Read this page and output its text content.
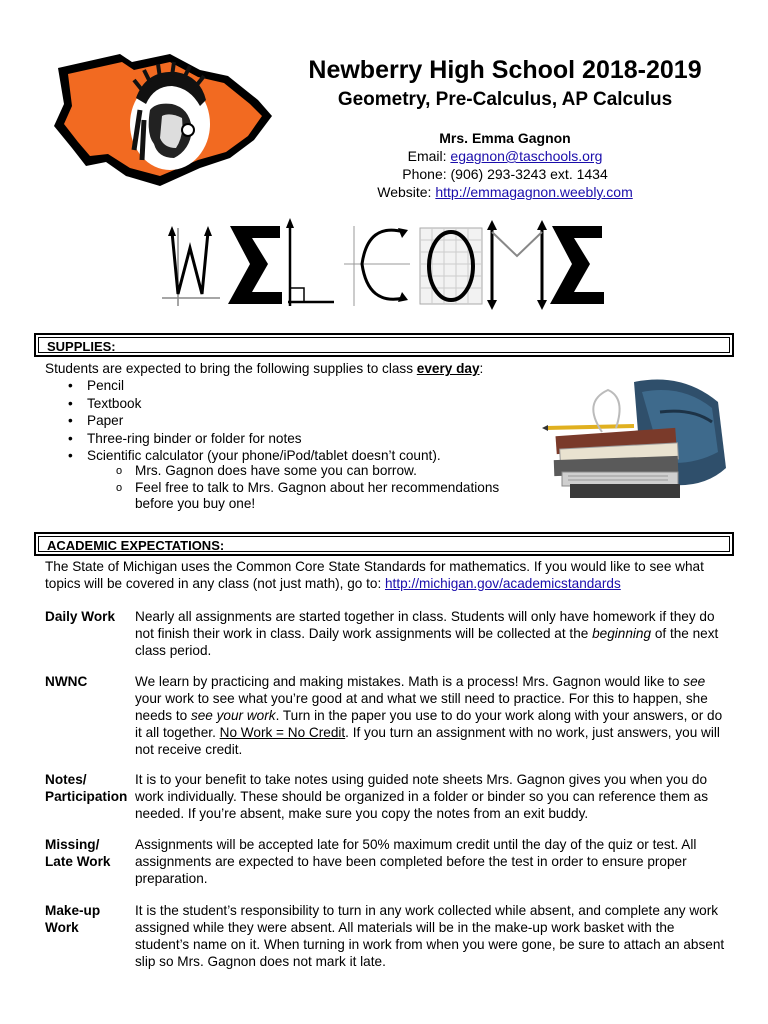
Newberry High School 2018-2019
Geometry, Pre-Calculus, AP Calculus
Mrs. Emma Gagnon
Email: egagnon@taschools.org
Phone: (906) 293-3243 ext. 1434
Website: http://emmagagnon.weebly.com
SUPPLIES:
Students are expected to bring the following supplies to class every day:
• Pencil
• Textbook
• Paper
• Three-ring binder or folder for notes
• Scientific calculator (your phone/iPod/tablet doesn’t count).
o Mrs. Gagnon does have some you can borrow.
o Feel free to talk to Mrs. Gagnon about her recommendations before you buy one!
ACADEMIC EXPECTATIONS:
The State of Michigan uses the Common Core State Standards for mathematics. If you would like to see what topics will be covered in any class (not just math), go to: http://michigan.gov/academicstandards
Daily Work	Nearly all assignments are started together in class. Students will only have homework if they do not finish their work in class. Daily work assignments will be collected at the beginning of the next class period.
NWNC	We learn by practicing and making mistakes. Math is a process! Mrs. Gagnon would like to see your work to see what you’re good at and what we still need to practice. For this to happen, she needs to see your work. Turn in the paper you use to do your work along with your answers, or do it all together. No Work = No Credit. If you turn an assignment with no work, just answers, you will not receive credit.
Notes/
Participation
It is to your benefit to take notes using guided note sheets Mrs. Gagnon gives you when you do work individually. These should be organized in a folder or binder so you can reference them as needed. If you’re absent, make sure you copy the notes from an exit buddy.
Missing/
Late Work
Assignments will be accepted late for 50% maximum credit until the day of the quiz or test. All assignments are expected to have been completed before the test in order to ensure proper preparation.
Make-up
Work
It is the student’s responsibility to turn in any work collected while absent, and complete any work assigned while they were absent. All materials will be in the make-up work basket with the student’s name on it. When turning in work from when you were gone, be sure to attach an absent slip so Mrs. Gagnon does not mark it late.
